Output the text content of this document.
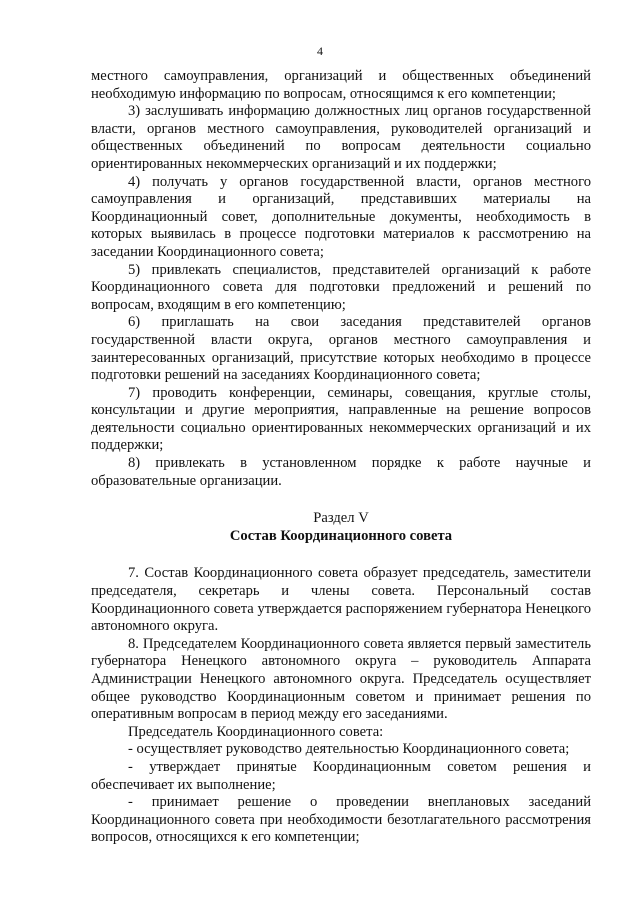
4

местного самоуправления, организаций и общественных объединений необходимую информацию по вопросам, относящимся к его компетенции;

3) заслушивать информацию должностных лиц органов государственной власти, органов местного самоуправления, руководителей организаций и общественных объединений по вопросам деятельности социально ориентированных некоммерческих организаций и их поддержки;

4) получать у органов государственной власти, органов местного самоуправления и организаций, представивших материалы на Координационный совет, дополнительные документы, необходимость в которых выявилась в процессе подготовки материалов к рассмотрению на заседании Координационного совета;

5) привлекать специалистов, представителей организаций к работе Координационного совета для подготовки предложений и решений по вопросам, входящим в его компетенцию;

6) приглашать на свои заседания представителей органов государственной власти округа, органов местного самоуправления и заинтересованных организаций, присутствие которых необходимо в процессе подготовки решений на заседаниях Координационного совета;

7) проводить конференции, семинары, совещания, круглые столы, консультации и другие мероприятия, направленные на решение вопросов деятельности социально ориентированных некоммерческих организаций и их поддержки;

8) привлекать в установленном порядке к работе научные и образовательные организации.

Раздел V

Состав Координационного совета

7. Состав Координационного совета образует председатель, заместители председателя, секретарь и члены совета. Персональный состав Координационного совета утверждается распоряжением губернатора Ненецкого автономного округа.

8. Председателем Координационного совета является первый заместитель губернатора Ненецкого автономного округа – руководитель Аппарата Администрации Ненецкого автономного округа. Председатель осуществляет общее руководство Координационным советом и принимает решения по оперативным вопросам в период между его заседаниями.

Председатель Координационного совета:

- осуществляет руководство деятельностью Координационного совета;

- утверждает принятые Координационным советом решения и обеспечивает их выполнение;

- принимает решение о проведении внеплановых заседаний Координационного совета при необходимости безотлагательного рассмотрения вопросов, относящихся к его компетенции;
